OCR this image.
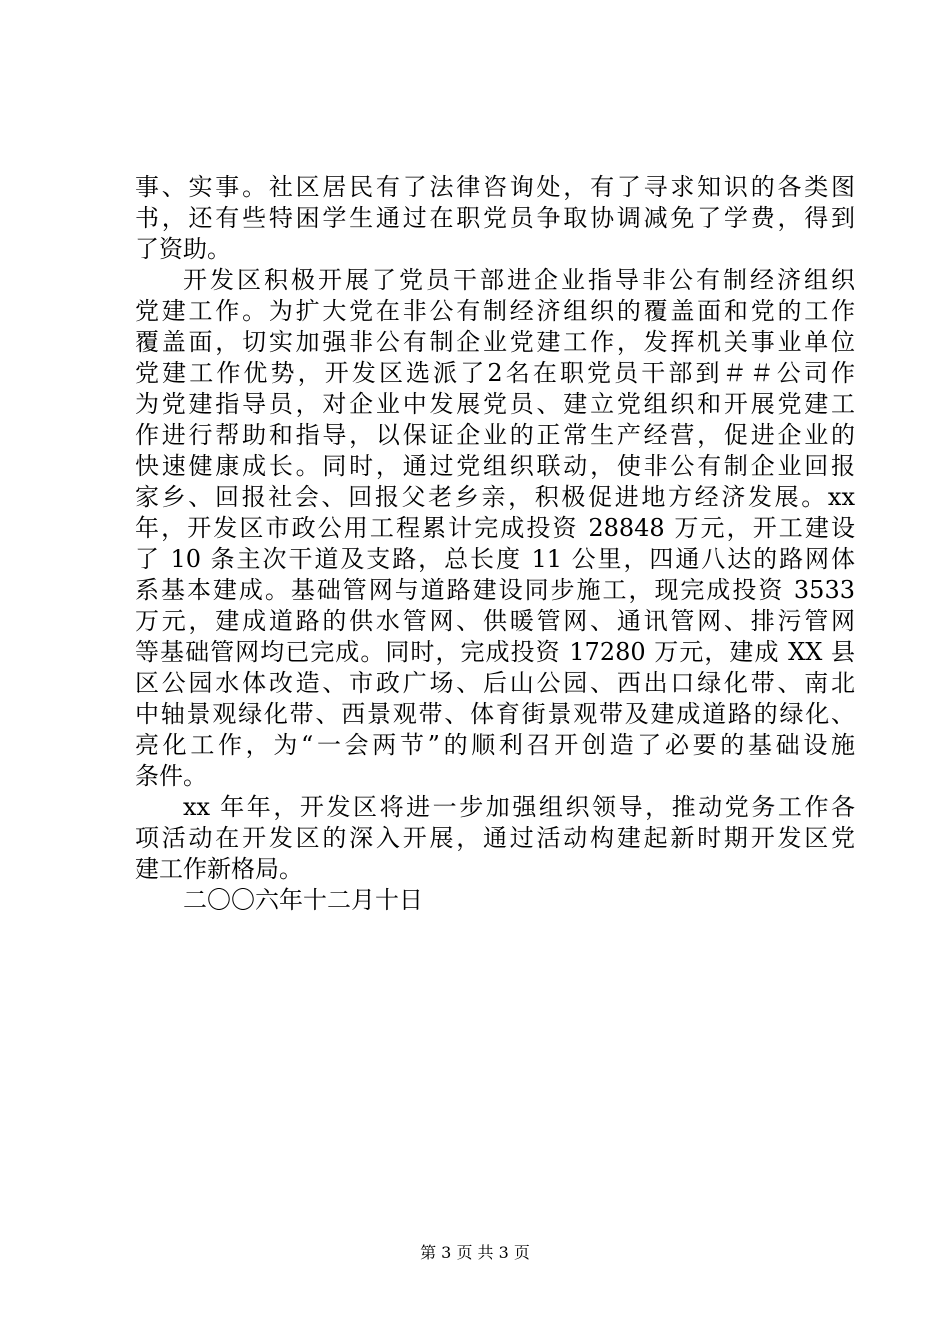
事、实事。社区居民有了法律咨询处，有了寻求知识的各类图
书，还有些特困学生通过在职党员争取协调减免了学费，得到
了资助。
开发区积极开展了党员干部进企业指导非公有制经济组织
党建工作。为扩大党在非公有制经济组织的覆盖面和党的工作
覆盖面，切实加强非公有制企业党建工作，发挥机关事业单位
党建工作优势，开发区选派了2名在职党员干部到＃＃公司作
为党建指导员，对企业中发展党员、建立党组织和开展党建工
作进行帮助和指导，以保证企业的正常生产经营，促进企业的
快速健康成长。同时，通过党组织联动，使非公有制企业回报
家乡、回报社会、回报父老乡亲，积极促进地方经济发展。xx
年，开发区市政公用工程累计完成投资 28848 万元，开工建设
了 10 条主次干道及支路，总长度 11 公里，四通八达的路网体
系基本建成。基础管网与道路建设同步施工，现完成投资 3533
万元，建成道路的供水管网、供暖管网、通讯管网、排污管网
等基础管网均已完成。同时，完成投资 17280 万元，建成 XX 县
区公园水体改造、市政广场、后山公园、西出口绿化带、南北
中轴景观绿化带、西景观带、体育街景观带及建成道路的绿化、
亮化工作，为“一会两节”的顺利召开创造了必要的基础设施
条件。
xx 年年，开发区将进一步加强组织领导，推动党务工作各
项活动在开发区的深入开展，通过活动构建起新时期开发区党
建工作新格局。
二〇〇六年十二月十日
第 3 页 共 3 页
